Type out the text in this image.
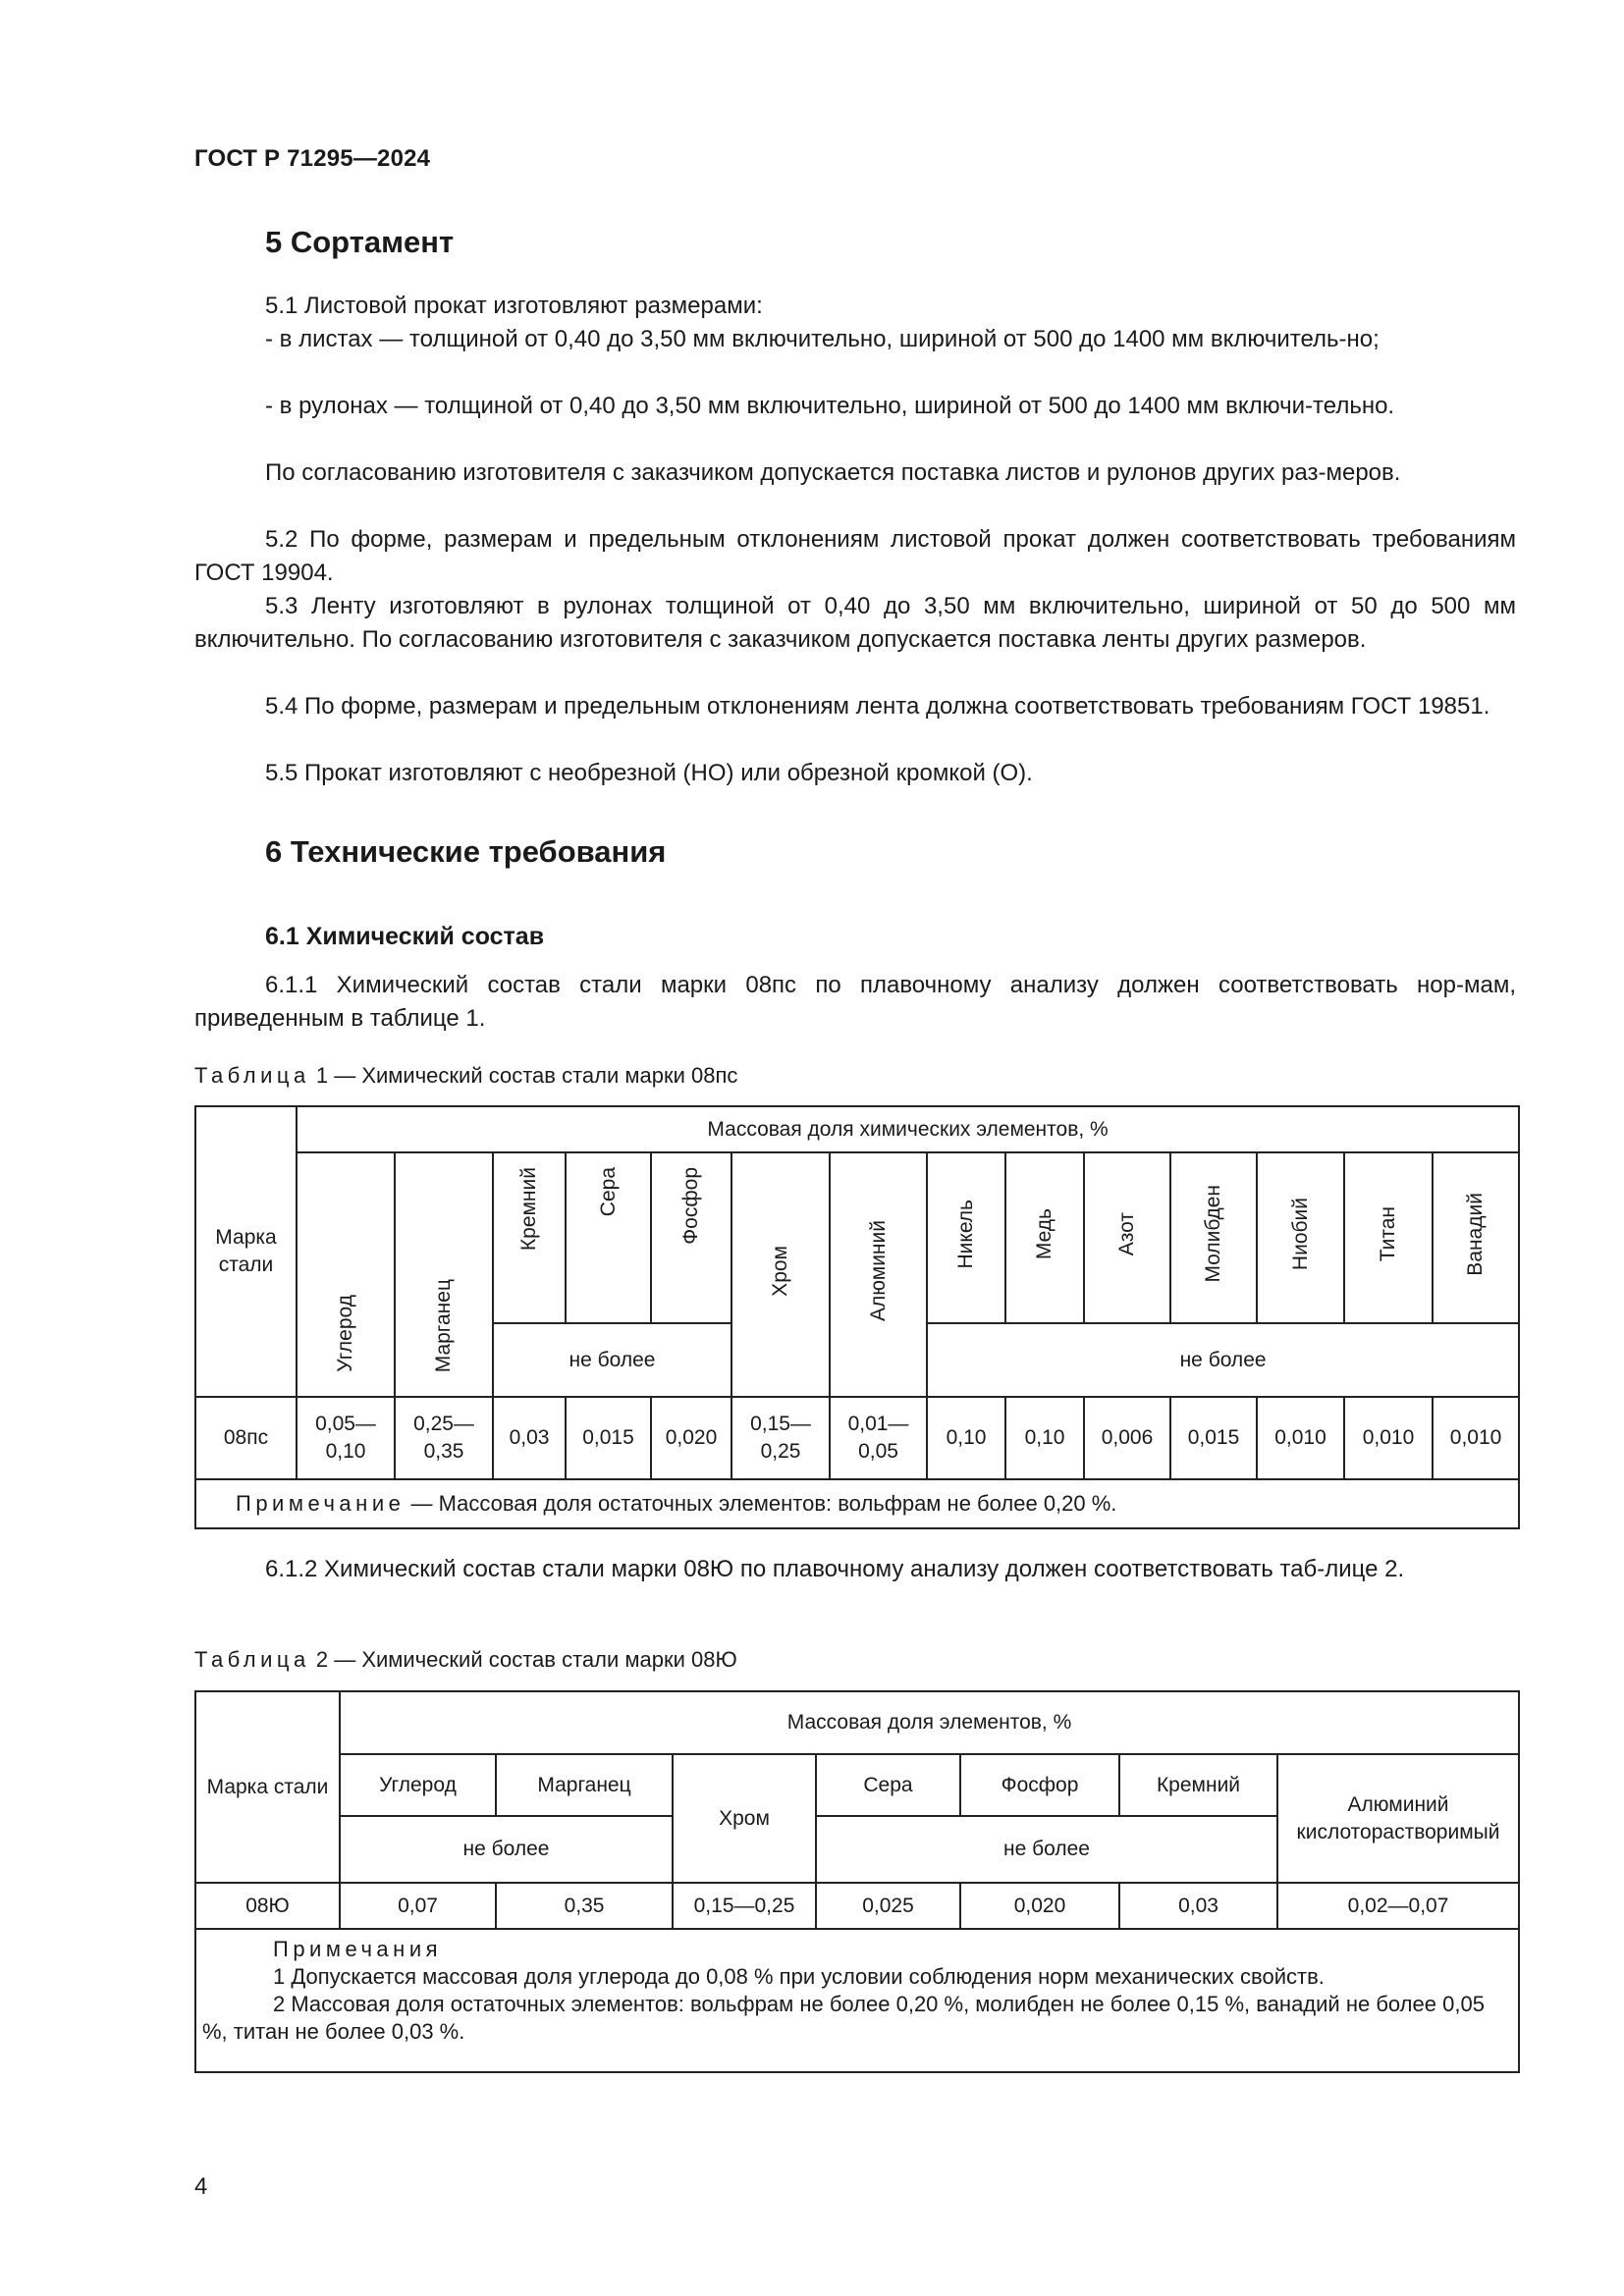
ГОСТ Р 71295—2024
5 Сортамент

5.1 Листовой прокат изготовляют размерами:

- в листах — толщиной от 0,40 до 3,50 мм включительно, шириной от 500 до 1400 мм включитель-но;

- в рулонах — толщиной от 0,40 до 3,50 мм включительно, шириной от 500 до 1400 мм включи-тельно.

По согласованию изготовителя с заказчиком допускается поставка листов и рулонов других раз-меров.

5.2 По форме, размерам и предельным отклонениям листовой прокат должен соответствовать требованиям ГОСТ 19904.

5.3 Ленту изготовляют в рулонах толщиной от 0,40 до 3,50 мм включительно, шириной от 50 до 500 мм включительно. По согласованию изготовителя с заказчиком допускается поставка ленты других размеров.

5.4 По форме, размерам и предельным отклонениям лента должна соответствовать требованиям ГОСТ 19851.

5.5 Прокат изготовляют с необрезной (НО) или обрезной кромкой (О).

6 Технические требования
6.1 Химический состав

6.1.1 Химический состав стали марки 08пс по плавочному анализу должен соответствовать нор-мам, приведенным в таблице 1.

Таблица 1 — Химический состав стали марки 08пс
Марка стали	Массовая доля химических элементов, %													
	Углерод	Марганец	Кремний	Сера	Фосфор	Хром	Алюминий	Никель	Медь	Азот	Молибден	Ниобий	Титан	Ванадий
			не более					не более						
08пс	0,05—0,10	0,25—0,35	0,03	0,015	0,020	0,15—0,25	0,01—0,05	0,10	0,10	0,006	0,015	0,010	0,010	0,010
Примечание — Массовая доля остаточных элементов: вольфрам не более 0,20 %.														

6.1.2 Химический состав стали марки 08Ю по плавочному анализу должен соответствовать таб-лице 2.

Таблица 2 — Химический состав стали марки 08Ю
Марка стали	Массовая доля элементов, %						
	Углерод	Марганец	Хром	Сера	Фосфор	Кремний	Алюминий кислоторастворимый
	не более			не более			
08Ю	0,07	0,35	0,15—0,25	0,025	0,020	0,03	0,02—0,07

Примечания
1 Допускается массовая доля углерода до 0,08 % при условии соблюдения норм механических свойств.
2 Массовая доля остаточных элементов: вольфрам не более 0,20 %, молибден не более 0,15 %, ванадий не более 0,05 %, титан не более 0,03 %.							
4
